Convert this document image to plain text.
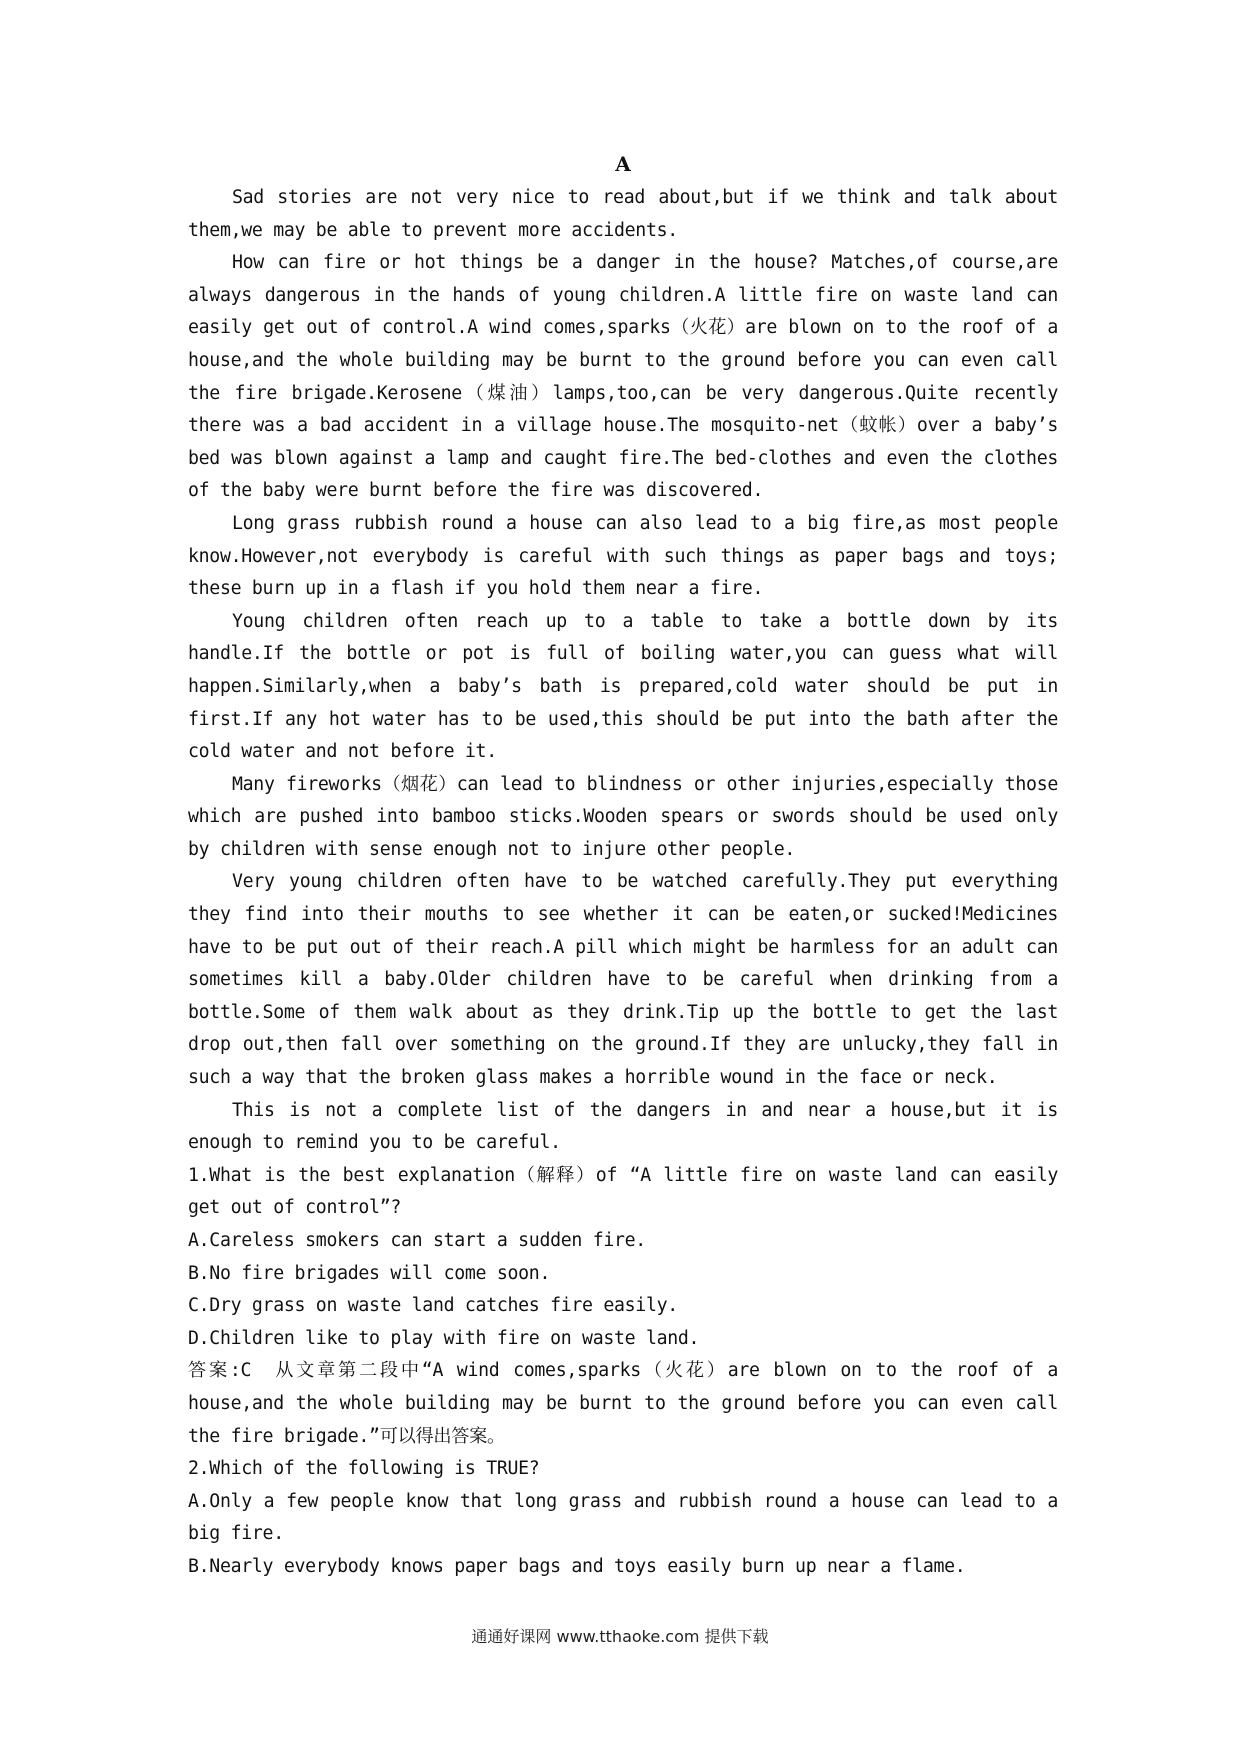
A

Sad stories are not very nice to read about,but if we think and talk about them,we may be able to prevent more accidents.

How can fire or hot things be a danger in the house? Matches,of course,are always dangerous in the hands of young children.A little fire on waste land can easily get out of control.A wind comes,sparks（火花）are blown on to the roof of a house,and the whole building may be burnt to the ground before you can even call the fire brigade.Kerosene（煤油）lamps,too,can be very dangerous.Quite recently there was a bad accident in a village house.The mosquito-net（蚊帐）over a baby’s bed was blown against a lamp and caught fire.The bed-clothes and even the clothes of the baby were burnt before the fire was discovered.

Long grass rubbish round a house can also lead to a big fire,as most people know.However,not everybody is careful with such things as paper bags and toys; these burn up in a flash if you hold them near a fire.

Young children often reach up to a table to take a bottle down by its handle.If the bottle or pot is full of boiling water,you can guess what will happen.Similarly,when a baby’s bath is prepared,cold water should be put in first.If any hot water has to be used,this should be put into the bath after the cold water and not before it.

Many fireworks（烟花）can lead to blindness or other injuries,especially those which are pushed into bamboo sticks.Wooden spears or swords should be used only by children with sense enough not to injure other people.

Very young children often have to be watched carefully.They put everything they find into their mouths to see whether it can be eaten,or sucked!Medicines have to be put out of their reach.A pill which might be harmless for an adult can sometimes kill a baby.Older children have to be careful when drinking from a bottle.Some of them walk about as they drink.Tip up the bottle to get the last drop out,then fall over something on the ground.If they are unlucky,they fall in such a way that the broken glass makes a horrible wound in the face or neck.

This is not a complete list of the dangers in and near a house,but it is enough to remind you to be careful.

1.What is the best explanation（解释）of “A little fire on waste land can easily get out of control”?

A.Careless smokers can start a sudden fire.

B.No fire brigades will come soon.

C.Dry grass on waste land catches fire easily.

D.Children like to play with fire on waste land.

答案:C　从文章第二段中“A wind comes,sparks（火花）are blown on to the roof of a house,and the whole building may be burnt to the ground before you can even call the fire brigade.”可以得出答案。

2.Which of the following is TRUE?

A.Only a few people know that long grass and rubbish round a house can lead to a big fire.

B.Nearly everybody knows paper bags and toys easily burn up near a flame.

通通好课网 www.tthaoke.com 提供下载
